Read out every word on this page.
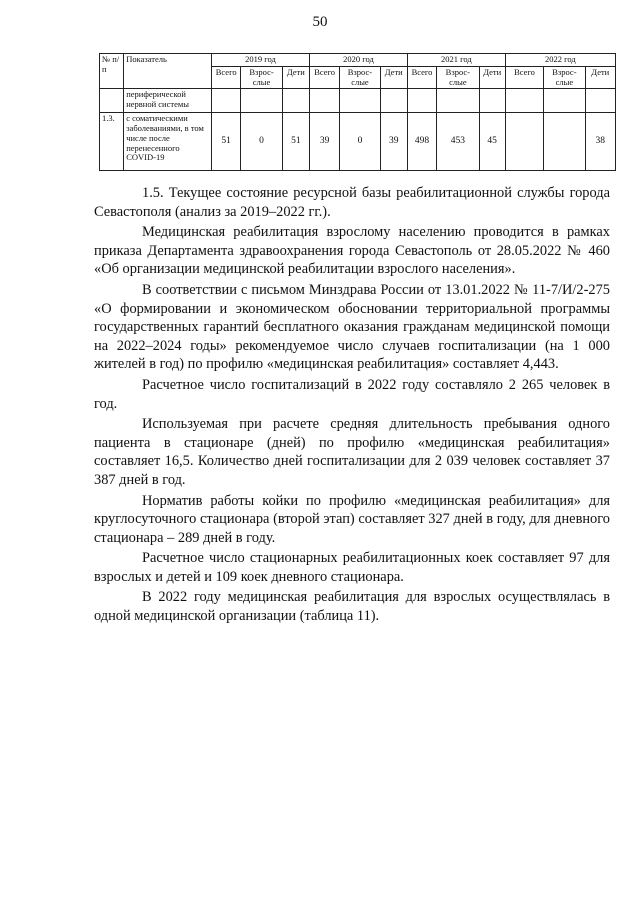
50
№ п/п	Показатель	2019 год			2020 год			2021 год			2022 год		
		Всего	Взрос-слые	Дети	Всего	Взрос-слые	Дети	Всего	Взрос-слые	Дети	Всего	Взрос-слые	Дети
	периферической нервной системы												
1.3.	с соматическими заболеваниями, в том числе после перенесенного COVID-19	51	0	51	39	0	39	498	453	45			38

1.5. Текущее состояние ресурсной базы реабилитационной службы города Севастополя (анализ за 2019–2022 гг.).

Медицинская реабилитация взрослому населению проводится в рамках приказа Департамента здравоохранения города Севастополь от 28.05.2022 № 460 «Об организации медицинской реабилитации взрослого населения».

В соответствии с письмом Минздрава России от 13.01.2022 № 11-7/И/2-275 «О формировании и экономическом обосновании территориальной программы государственных гарантий бесплатного оказания гражданам медицинской помощи на 2022–2024 годы» рекомендуемое число случаев госпитализации (на 1 000 жителей в год) по профилю «медицинская реабилитация» составляет 4,443.

Расчетное число госпитализаций в 2022 году составляло 2 265 человек в год.

Используемая при расчете средняя длительность пребывания одного пациента в стационаре (дней) по профилю «медицинская реабилитация» составляет 16,5. Количество дней госпитализации для 2 039 человек составляет 37 387 дней в год.

Норматив работы койки по профилю «медицинская реабилитация» для круглосуточного стационара (второй этап) составляет 327 дней в году, для дневного стационара – 289 дней в году.

Расчетное число стационарных реабилитационных коек составляет 97 для взрослых и детей и 109 коек дневного стационара.

В 2022 году медицинская реабилитация для взрослых осуществлялась в одной медицинской организации (таблица 11).
